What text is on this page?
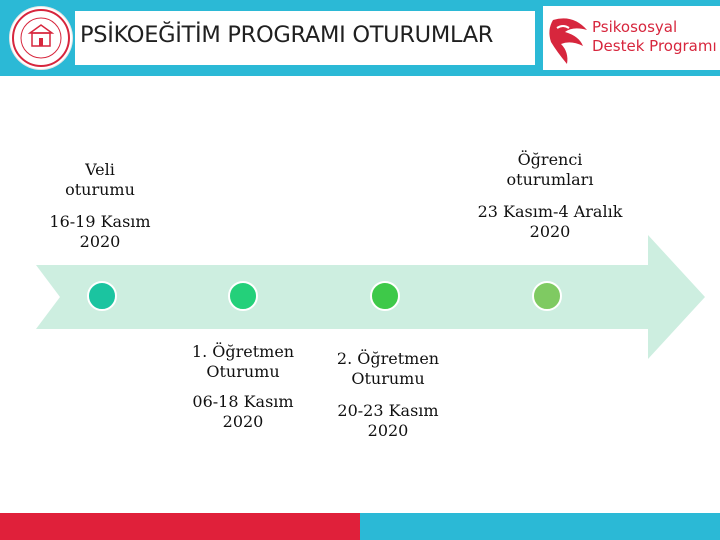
PSİKOEĞİTİM PROGRAMI OTURUMLAR	Psikososyal
Destek Programı
Veli
oturumu
16-19 Kasım
2020
1. Öğretmen
Oturumu
06-18 Kasım
2020
2. Öğretmen
Oturumu
20-23 Kasım
2020
Öğrenci
oturumları
23 Kasım-4 Aralık
2020
